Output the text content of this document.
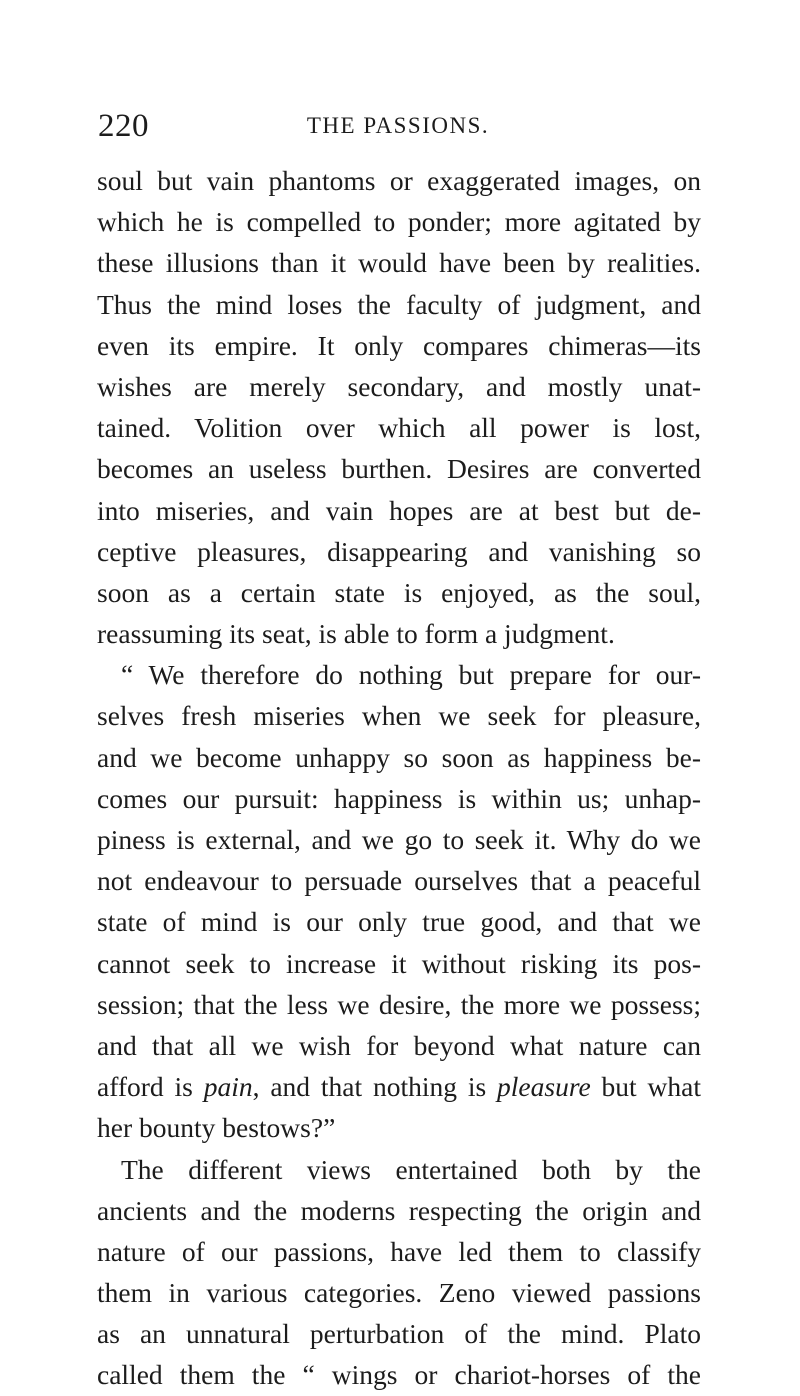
220	THE PASSIONS.
soul but vain phantoms or exaggerated images, on
which he is compelled to ponder; more agitated by
these illusions than it would have been by realities.
Thus the mind loses the faculty of judgment, and
even its empire. It only compares chimeras—its
wishes are merely secondary, and mostly unat-
tained. Volition over which all power is lost,
becomes an useless burthen. Desires are converted
into miseries, and vain hopes are at best but de-
ceptive pleasures, disappearing and vanishing so
soon as a certain state is enjoyed, as the soul,
reassuming its seat, is able to form a judgment.
“ We therefore do nothing but prepare for our-
selves fresh miseries when we seek for pleasure,
and we become unhappy so soon as happiness be-
comes our pursuit: happiness is within us; unhap-
piness is external, and we go to seek it. Why do we
not endeavour to persuade ourselves that a peaceful
state of mind is our only true good, and that we
cannot seek to increase it without risking its pos-
session; that the less we desire, the more we possess;
and that all we wish for beyond what nature can
afford is pain, and that nothing is pleasure but what
her bounty bestows?”
The different views entertained both by the
ancients and the moderns respecting the origin and
nature of our passions, have led them to classify
them in various categories. Zeno viewed passions
as an unnatural perturbation of the mind. Plato
called them the “ wings or chariot-horses of the
